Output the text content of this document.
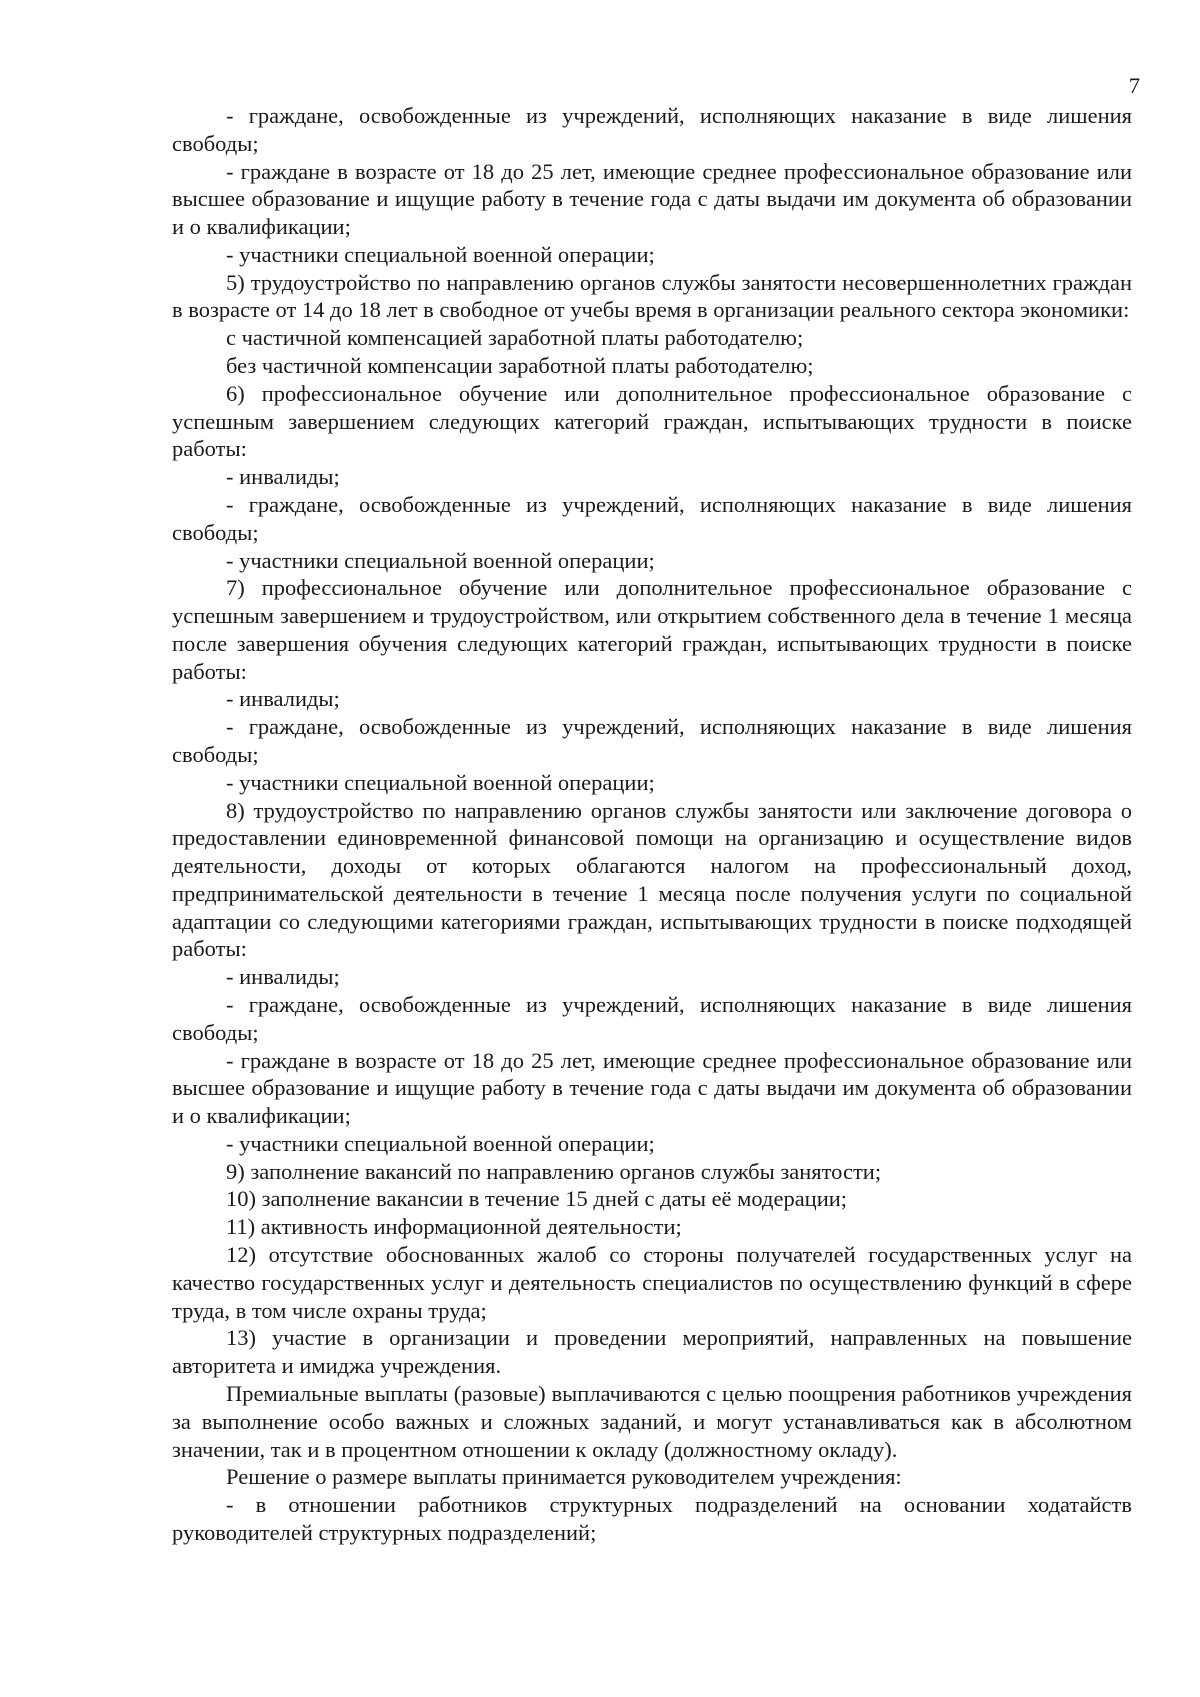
7

- граждане, освобожденные из учреждений, исполняющих наказание в виде лишения свободы;

- граждане в возрасте от 18 до 25 лет, имеющие среднее профессиональное образование или высшее образование и ищущие работу в течение года с даты выдачи им документа об образовании и о квалификации;

- участники специальной военной операции;

5) трудоустройство по направлению органов службы занятости несовершеннолетних граждан в возрасте от 14 до 18 лет в свободное от учебы время в организации реального сектора экономики:

с частичной компенсацией заработной платы работодателю;

без частичной компенсации заработной платы работодателю;

6) профессиональное обучение или дополнительное профессиональное образование с успешным завершением следующих категорий граждан, испытывающих трудности в поиске работы:

- инвалиды;

- граждане, освобожденные из учреждений, исполняющих наказание в виде лишения свободы;

- участники специальной военной операции;

7) профессиональное обучение или дополнительное профессиональное образование с успешным завершением и трудоустройством, или открытием собственного дела в течение 1 месяца после завершения обучения следующих категорий граждан, испытывающих трудности в поиске работы:

- инвалиды;

- граждане, освобожденные из учреждений, исполняющих наказание в виде лишения свободы;

- участники специальной военной операции;

8) трудоустройство по направлению органов службы занятости или заключение договора о предоставлении единовременной финансовой помощи на организацию и осуществление видов деятельности, доходы от которых облагаются налогом на профессиональный доход, предпринимательской деятельности в течение 1 месяца после получения услуги по социальной адаптации со следующими категориями граждан, испытывающих трудности в поиске подходящей работы:

- инвалиды;

- граждане, освобожденные из учреждений, исполняющих наказание в виде лишения свободы;

- граждане в возрасте от 18 до 25 лет, имеющие среднее профессиональное образование или высшее образование и ищущие работу в течение года с даты выдачи им документа об образовании и о квалификации;

- участники специальной военной операции;

9) заполнение вакансий по направлению органов службы занятости;

10) заполнение вакансии в течение 15 дней с даты её модерации;

11) активность информационной деятельности;

12) отсутствие обоснованных жалоб со стороны получателей государственных услуг на качество государственных услуг и деятельность специалистов по осуществлению функций в сфере труда, в том числе охраны труда;

13) участие в организации и проведении мероприятий, направленных на повышение авторитета и имиджа учреждения.

Премиальные выплаты (разовые) выплачиваются с целью поощрения работников учреждения за выполнение особо важных и сложных заданий, и могут устанавливаться как в абсолютном значении, так и в процентном отношении к окладу (должностному окладу).

Решение о размере выплаты принимается руководителем учреждения:

- в отношении работников структурных подразделений на основании ходатайств руководителей структурных подразделений;
